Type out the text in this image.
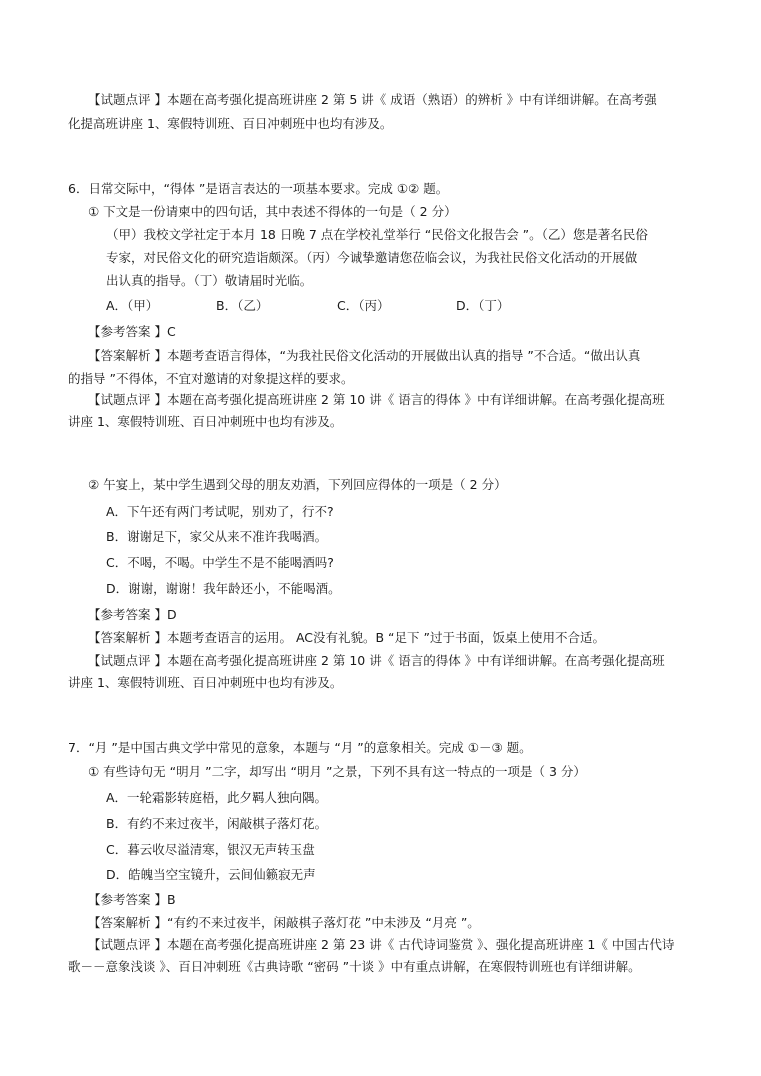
【试题点评 】本题在高考强化提高班讲座 2 第 5 讲《 成语（熟语）的辨析 》中有详细讲解。在高考强
化提高班讲座 1、寒假特训班、百日冲刺班中也均有涉及。
6．日常交际中，“得体 ”是语言表达的一项基本要求。完成 ①② 题。
① 下文是一份请柬中的四句话，其中表述不得体的一句是（ 2 分）
（甲）我校文学社定于本月 18 日晚 7 点在学校礼堂举行 “民俗文化报告会 ”。（乙）您是著名民俗
专家，对民俗文化的研究造诣颇深。（丙）今诚挚邀请您莅临会议，为我社民俗文化活动的开展做
出认真的指导。（丁）敬请届时光临。
A．（甲）	B．（乙）	C．（丙）	D．（丁）
【参考答案 】C
【答案解析 】本题考查语言得体，“为我社民俗文化活动的开展做出认真的指导 ”不合适。“做出认真
的指导 ”不得体，不宜对邀请的对象提这样的要求。
【试题点评 】本题在高考强化提高班讲座 2 第 10 讲《 语言的得体 》中有详细讲解。在高考强化提高班
讲座 1、寒假特训班、百日冲刺班中也均有涉及。
② 午宴上，某中学生遇到父母的朋友劝酒，下列回应得体的一项是（ 2 分）
A．下午还有两门考试呢，别劝了，行不?
B．谢谢足下，家父从来不准许我喝酒。
C．不喝，不喝。中学生不是不能喝酒吗?
D．谢谢，谢谢！我年龄还小，不能喝酒。
【参考答案 】D
【答案解析 】本题考查语言的运用。 AC没有礼貌。B “足下 ”过于书面，饭桌上使用不合适。
【试题点评 】本题在高考强化提高班讲座 2 第 10 讲《 语言的得体 》中有详细讲解。在高考强化提高班
讲座 1、寒假特训班、百日冲刺班中也均有涉及。
7．“月 ”是中国古典文学中常见的意象，本题与 “月 ”的意象相关。完成 ①－③ 题。
① 有些诗句无 “明月 ”二字，却写出 “明月 ”之景，下列不具有这一特点的一项是（ 3 分）
A．一轮霜影转庭梧，此夕羁人独向隅。
B．有约不来过夜半，闲敲棋子落灯花。
C．暮云收尽溢清寒，银汉无声转玉盘
D．皓魄当空宝镜升，云间仙籁寂无声
【参考答案 】B
【答案解析 】“有约不来过夜半，闲敲棋子落灯花 ”中未涉及 “月亮 ”。
【试题点评 】本题在高考强化提高班讲座 2 第 23 讲《 古代诗词鉴赏 》、强化提高班讲座 1《 中国古代诗
歌－－意象浅谈 》、百日冲刺班《古典诗歌 “密码 ”十谈 》中有重点讲解，在寒假特训班也有详细讲解。
